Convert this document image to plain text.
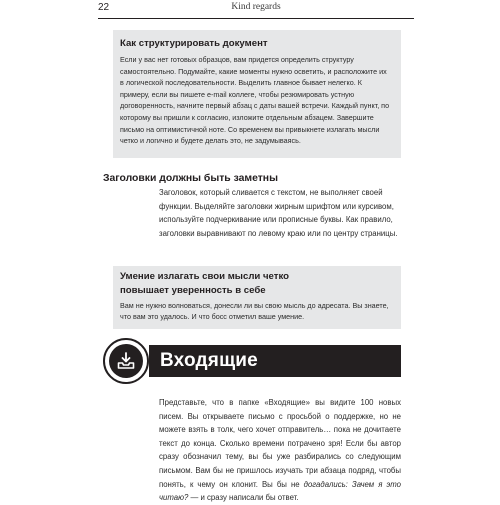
22	Kind regards

Как структурировать документ

Если у вас нет готовых образцов, вам придется определить структуру самостоятельно. Подумайте, какие моменты нужно осветить, и расположите их в логической последовательности. Выделить главное бывает нелегко. К примеру, если вы пишете e-mail коллеге, чтобы резюмировать устную договоренность, начните первый абзац с даты вашей встречи. Каждый пункт, по которому вы пришли к согласию, изложите отдельным абзацем. Завершите письмо на оптимистичной ноте. Со временем вы привыкнете излагать мысли четко и логично и будете делать это, не задумываясь.

Заголовки должны быть заметны

Заголовок, который сливается с текстом, не выполняет своей функции. Выделяйте заголовки жирным шрифтом или курсивом, используйте подчеркивание или прописные буквы. Как правило, заголовки выравнивают по левому краю или по центру страницы.

Умение излагать свои мысли четко
повышает уверенность в себе

Вам не нужно волноваться, донесли ли вы свою мысль до адресата. Вы знаете, что вам это удалось. И что босс отметил ваше умение.

Входящие

Представьте, что в папке «Входящие» вы видите 100 новых писем. Вы открываете письмо с просьбой о поддержке, но не можете взять в толк, чего хочет отправитель… пока не дочитаете текст до конца. Сколько времени потрачено зря! Если бы автор сразу обозначил тему, вы бы уже разбирались со следующим письмом. Вам бы не пришлось изучать три абзаца подряд, чтобы понять, к чему он клонит. Вы бы не догадались: Зачем я это читаю? — и сразу написали бы ответ.
